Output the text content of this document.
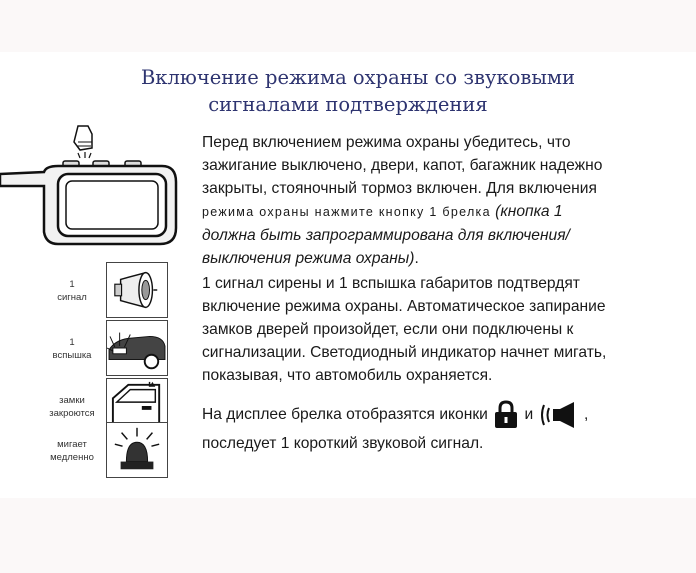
Включение режима охраны со звуковыми
сигналами подтверждения
1
сигнал
1
вспышка
замки
закроются
мигает
медленно
Перед включением режима охраны убедитесь, что
зажигание выключено, двери, капот, багажник надежно
закрыты, стояночный тормоз включен. Для включения
режима охраны нажмите кнопку 1 брелка (кнопка 1
должна быть запрограммирована для включения/
выключения режима охраны).
1 сигнал сирены и 1 вспышка габаритов подтвердят
включение режима охраны. Автоматическое запирание
замков дверей произойдет, если они подключены к
сигнализации. Светодиодный индикатор начнет мигать,
показывая, что автомобиль охраняется.
На дисплее брелка отобразятся иконки и	,
последует 1 короткий звуковой сигнал.
